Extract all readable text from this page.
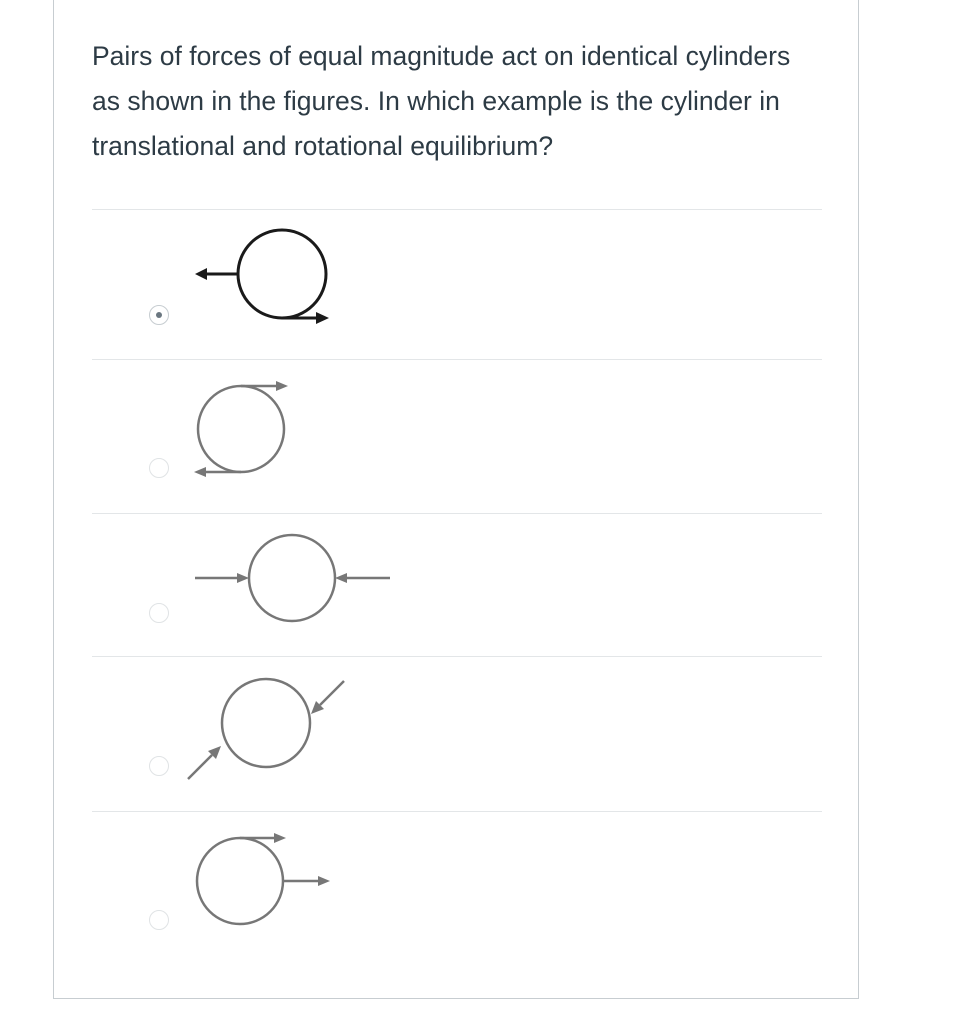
Pairs of forces of equal magnitude act on identical cylinders as shown in the figures. In which example is the cylinder in translational and rotational equilibrium?
